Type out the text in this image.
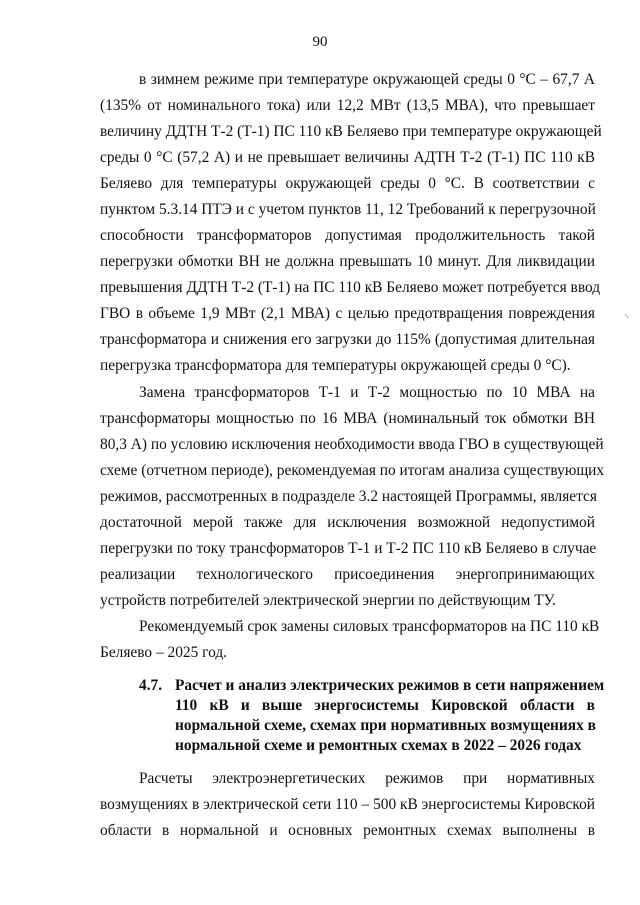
90
в зимнем режиме при температуре окружающей среды 0 °С – 67,7 А
(135% от номинального тока) или 12,2 МВт (13,5 МВА), что превышает
величину ДДТН Т-2 (Т-1) ПС 110 кВ Беляево при температуре окружающей
среды 0 °С (57,2 А) и не превышает величины АДТН Т-2 (Т-1) ПС 110 кВ
Беляево для температуры окружающей среды 0 °С. В соответствии с
пунктом 5.3.14 ПТЭ и с учетом пунктов 11, 12 Требований к перегрузочной
способности трансформаторов допустимая продолжительность такой
перегрузки обмотки ВН не должна превышать 10 минут. Для ликвидации
превышения ДДТН Т-2 (Т-1) на ПС 110 кВ Беляево может потребуется ввод
ГВО в объеме 1,9 МВт (2,1 МВА) с целью предотвращения повреждения
трансформатора и снижения его загрузки до 115% (допустимая длительная
перегрузка трансформатора для температуры окружающей среды 0 °С).
Замена трансформаторов Т-1 и Т-2 мощностью по 10 МВА на
трансформаторы мощностью по 16 МВА (номинальный ток обмотки ВН
80,3 А) по условию исключения необходимости ввода ГВО в существующей
схеме (отчетном периоде), рекомендуемая по итогам анализа существующих
режимов, рассмотренных в подразделе 3.2 настоящей Программы, является
достаточной мерой также для исключения возможной недопустимой
перегрузки по току трансформаторов Т-1 и Т-2 ПС 110 кВ Беляево в случае
реализации технологического присоединения энергопринимающих
устройств потребителей электрической энергии по действующим ТУ.
Рекомендуемый срок замены силовых трансформаторов на ПС 110 кВ
Беляево – 2025 год.
4.7. Расчет и анализ электрических режимов в сети напряжением
110 кВ и выше энергосистемы Кировской области в
нормальной схеме, схемах при нормативных возмущениях в
нормальной схеме и ремонтных схемах в 2022 – 2026 годах
Расчеты электроэнергетических режимов при нормативных
возмущениях в электрической сети 110 – 500 кВ энергосистемы Кировской
области в нормальной и основных ремонтных схемах выполнены в
⸌
